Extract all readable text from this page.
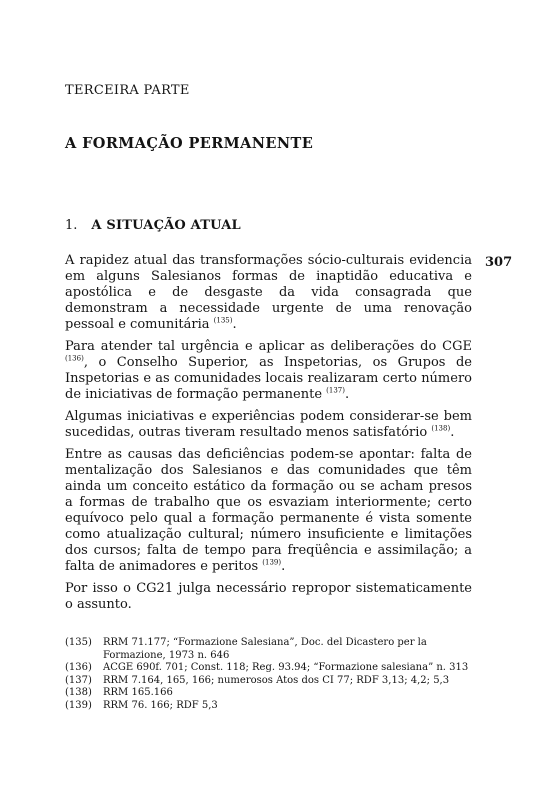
TERCEIRA PARTE
A FORMAÇÃO PERMANENTE
1. A SITUAÇÃO ATUAL
307

A rapidez atual das transformações sócio-culturais evidencia em alguns Salesianos formas de inaptidão educativa e apostólica e de desgaste da vida consagrada que demonstram a necessidade urgente de uma renovação pessoal e comunitária $^{(135)}$.

Para atender tal urgência e aplicar as deliberações do CGE $^{(136)}$, o Conselho Superior, as Inspetorias, os Grupos de Inspetorias e as comunidades locais realizaram certo número de iniciativas de formação permanente $^{(137)}$.

Algumas iniciativas e experiências podem considerar-se bem sucedidas, outras tiveram resultado menos satisfatório $^{(138)}$.

Entre as causas das deficiências podem-se apontar: falta de mentalização dos Salesianos e das comunidades que têm ainda um conceito estático da formação ou se acham presos a formas de trabalho que os esvaziam interiormente; certo equívoco pelo qual a formação permanente é vista somente como atualização cultural; número insuficiente e limitações dos cursos; falta de tempo para freqüência e assimilação; a falta de animadores e peritos $^{(139)}$.

Por isso o CG21 julga necessário repropor sistematicamente o assunto.

(135)	RRM 71.177; “Formazione Salesiana”, Doc. del Dicastero per la Formazione, 1973 n. 646
(136)	ACGE 690f. 701; Const. 118; Reg. 93.94; “Formazione salesiana” n. 313
(137)	RRM 7.164, 165, 166; numerosos Atos dos CI 77; RDF 3,13; 4,2; 5,3
(138)	RRM 165.166
(139)	RRM 76. 166; RDF 5,3
